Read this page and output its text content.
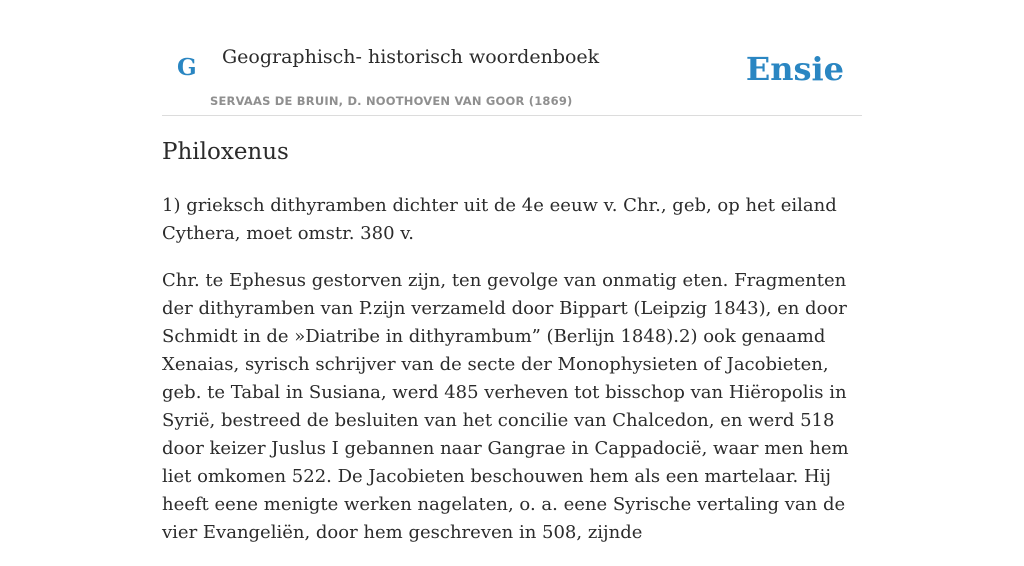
G Geographisch- historisch woordenboek
SERVAAS DE BRUIN, D. NOOTHOVEN VAN GOOR (1869)
Ensie
Philoxenus

1) grieksch dithyramben dichter uit de 4e eeuw v. Chr., geb, op het eiland Cythera, moet omstr. 380 v.

Chr. te Ephesus gestorven zijn, ten gevolge van onmatig eten. Fragmenten der dithyramben van P.zijn verzameld door Bippart (Leipzig 1843), en door Schmidt in de »Diatribe in dithyrambum” (Berlijn 1848).2) ook genaamd Xenaias, syrisch schrijver van de secte der Monophysieten of Jacobieten, geb. te Tabal in Susiana, werd 485 verheven tot bisschop van Hiëropolis in Syrië, bestreed de besluiten van het concilie van Chalcedon, en werd 518 door keizer Juslus I gebannen naar Gangrae in Cappadocië, waar men hem liet omkomen 522. De Jacobieten beschouwen hem als een martelaar. Hij heeft eene menigte werken nagelaten, o. a. eene Syrische vertaling van de vier Evangeliën, door hem geschreven in 508, zijnde
